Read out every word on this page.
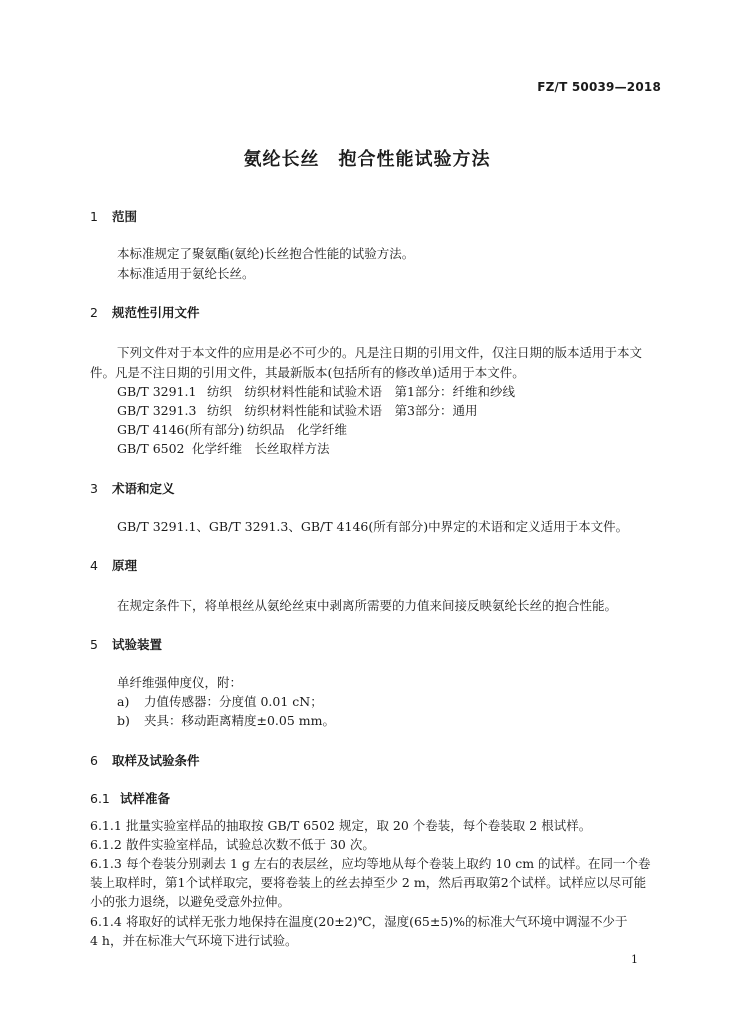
FZ/T 50039—2018
氨纶长丝　抱合性能试验方法
1 范围
本标准规定了聚氨酯(氨纶)长丝抱合性能的试验方法。
本标准适用于氨纶长丝。
2 规范性引用文件
下列文件对于本文件的应用是必不可少的。凡是注日期的引用文件，仅注日期的版本适用于本文
件。凡是不注日期的引用文件，其最新版本(包括所有的修改单)适用于本文件。
GB/T 3291.1 纺织　纺织材料性能和试验术语　第1部分：纤维和纱线
GB/T 3291.3 纺织　纺织材料性能和试验术语　第3部分：通用
GB/T 4146(所有部分) 纺织品　化学纤维
GB/T 6502 化学纤维　长丝取样方法
3 术语和定义
GB/T 3291.1、GB/T 3291.3、GB/T 4146(所有部分)中界定的术语和定义适用于本文件。
4 原理
在规定条件下，将单根丝从氨纶丝束中剥离所需要的力值来间接反映氨纶长丝的抱合性能。
5 试验装置
单纤维强伸度仪，附：
a) 力值传感器：分度值 0.01 cN；
b) 夹具：移动距离精度±0.05 mm。
6 取样及试验条件
6.1 试样准备
6.1.1 批量实验室样品的抽取按 GB/T 6502 规定，取 20 个卷装，每个卷装取 2 根试样。
6.1.2 散件实验室样品，试验总次数不低于 30 次。
6.1.3 每个卷装分别剥去 1 g 左右的表层丝，应均等地从每个卷装上取约 10 cm 的试样。在同一个卷
装上取样时，第1个试样取完，要将卷装上的丝去掉至少 2 m，然后再取第2个试样。试样应以尽可能
小的张力退绕，以避免受意外拉伸。
6.1.4 将取好的试样无张力地保持在温度(20±2)℃，湿度(65±5)%的标准大气环境中调湿不少于
4 h，并在标准大气环境下进行试验。
1
